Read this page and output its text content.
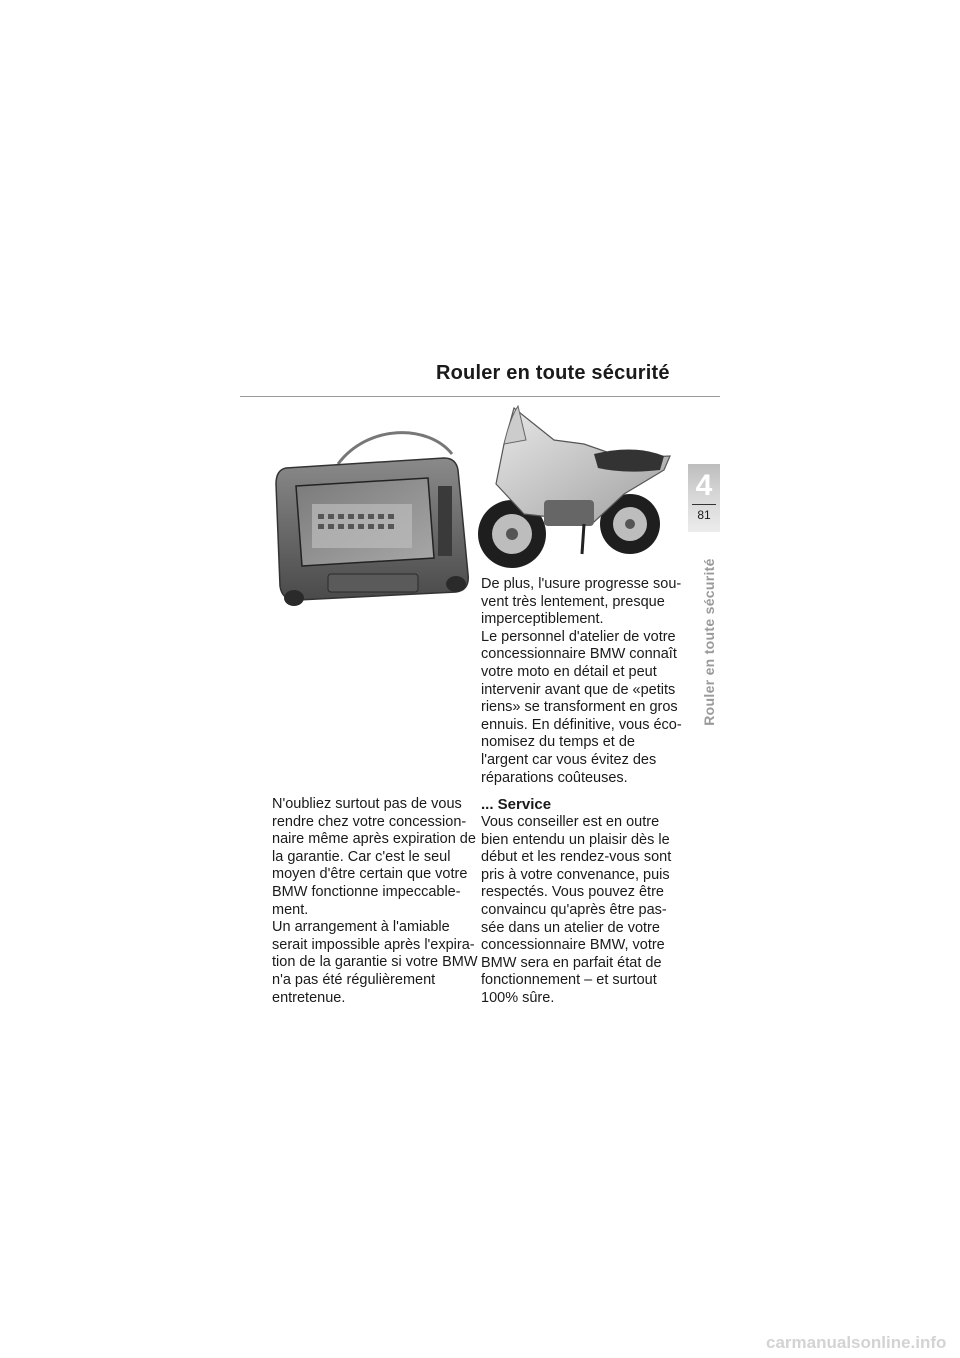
Rouler en toute sécurité
4
81
Rouler en toute sécurité
De plus, l'usure progresse sou-
vent très lentement, presque
imperceptiblement.
Le personnel d'atelier de votre
concessionnaire BMW connaît
votre moto en détail et peut
intervenir avant que de «petits
riens» se transforment en gros
ennuis. En définitive, vous éco-
nomisez du temps et de
l'argent car vous évitez des
réparations coûteuses.
... Service
Vous conseiller est en outre
bien entendu un plaisir dès le
début et les rendez-vous sont
pris à votre convenance, puis
respectés. Vous pouvez être
convaincu qu'après être pas-
sée dans un atelier de votre
concessionnaire BMW, votre
BMW sera en parfait état de
fonctionnement – et surtout
100% sûre.
N'oubliez surtout pas de vous
rendre chez votre concession-
naire même après expiration de
la garantie. Car c'est le seul
moyen d'être certain que votre
BMW fonctionne impeccable-
ment.
Un arrangement à l'amiable
serait impossible après l'expira-
tion de la garantie si votre BMW
n'a pas été régulièrement
entretenue.
carmanualsonline.info
